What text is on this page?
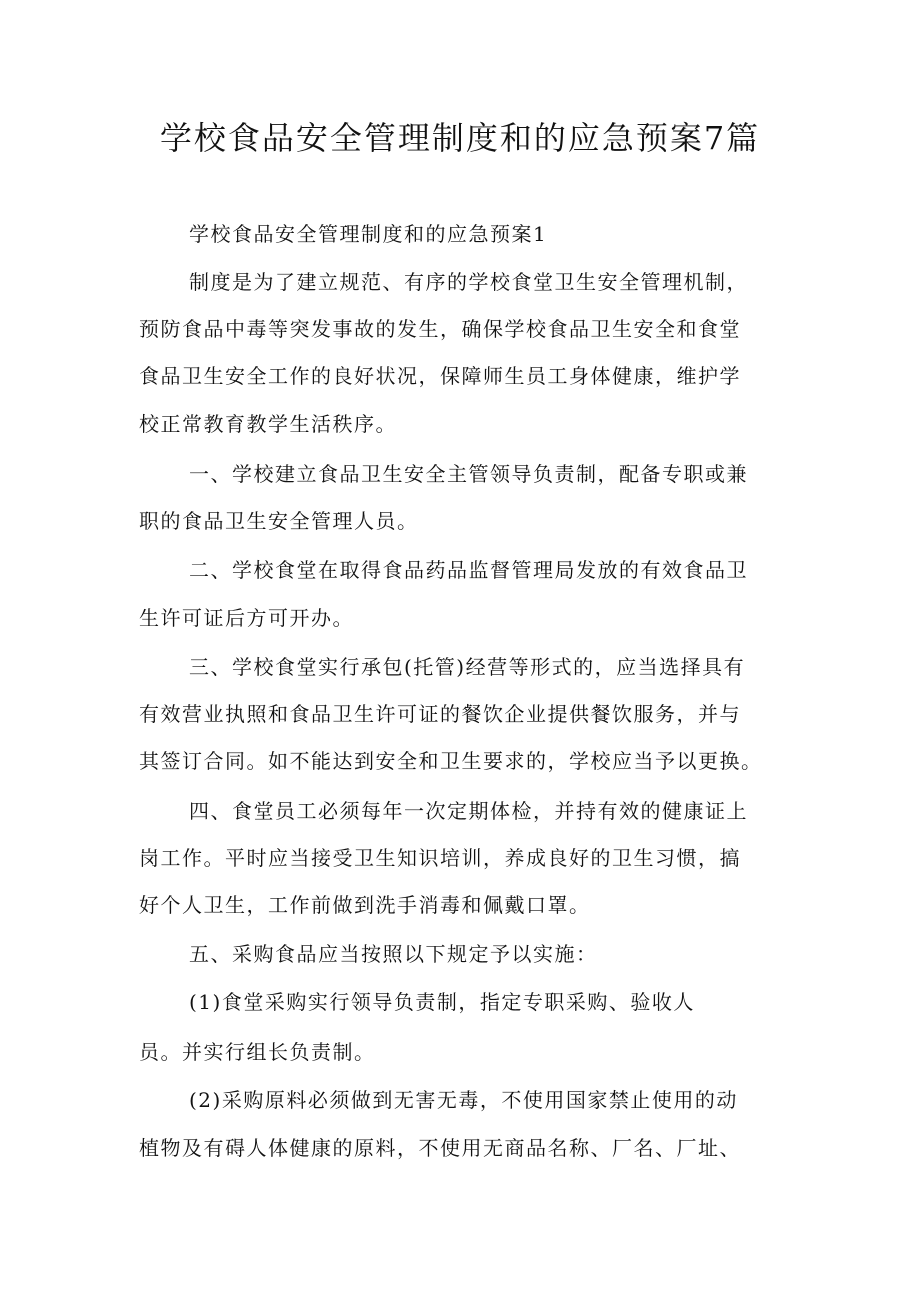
学校食品安全管理制度和的应急预案7篇

学校食品安全管理制度和的应急预案1

制度是为了建立规范、有序的学校食堂卫生安全管理机制，

预防食品中毒等突发事故的发生，确保学校食品卫生安全和食堂

食品卫生安全工作的良好状况，保障师生员工身体健康，维护学

校正常教育教学生活秩序。

一、学校建立食品卫生安全主管领导负责制，配备专职或兼

职的食品卫生安全管理人员。

二、学校食堂在取得食品药品监督管理局发放的有效食品卫

生许可证后方可开办。

三、学校食堂实行承包(托管)经营等形式的，应当选择具有

有效营业执照和食品卫生许可证的餐饮企业提供餐饮服务，并与

其签订合同。如不能达到安全和卫生要求的，学校应当予以更换。

四、食堂员工必须每年一次定期体检，并持有效的健康证上

岗工作。平时应当接受卫生知识培训，养成良好的卫生习惯，搞

好个人卫生，工作前做到洗手消毒和佩戴口罩。

五、采购食品应当按照以下规定予以实施：

(1)食堂采购实行领导负责制，指定专职采购、验收人

员。并实行组长负责制。

(2)采购原料必须做到无害无毒，不使用国家禁止使用的动

植物及有碍人体健康的原料，不使用无商品名称、厂名、厂址、
